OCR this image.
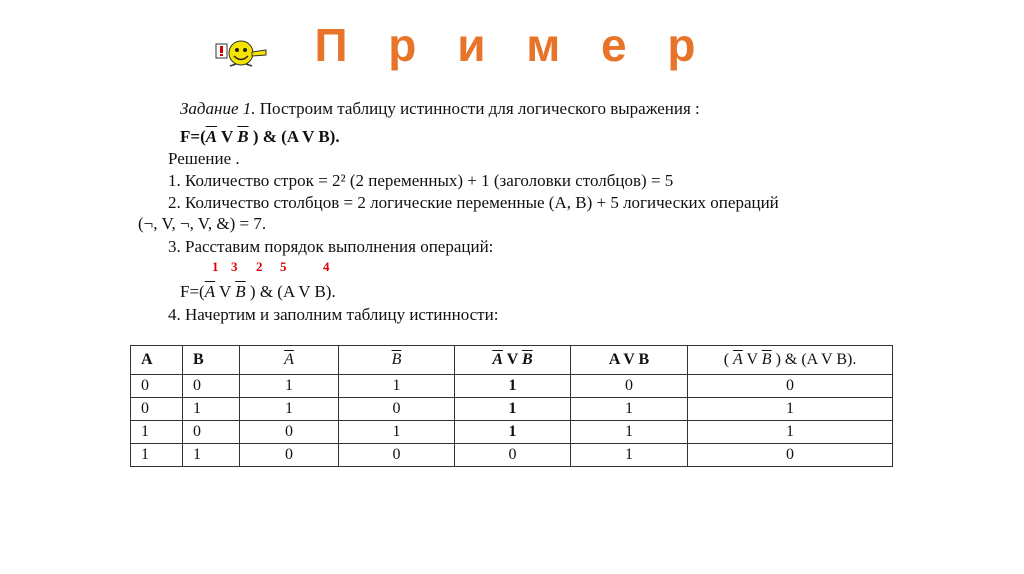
П р и м е р
Задание 1. Построим таблицу истинности для логического выражения :
$F=(\overline{A}$ V $\overline{B}$ ) & (A V B).
Решение .
1. Количество строк = 2² (2 переменных) + 1 (заголовки столбцов) = 5
2. Количество столбцов = 2 логические переменные (А, В) + 5 логических операций
(¬, V, ¬, V, &) = 7.
3. Расставим порядок выполнения операций:
1 3 2 5	4
$F=(\overline{A}$ V $\overline{B}$ ) & (A V B).
4. Начертим и заполним таблицу истинности:
A	B	$\overline{A}$	$\overline{B}$	$\overline{A}$ V $\overline{B}$	A V B	( $\overline{A}$ V $\overline{B}$ ) & (A V B).
0	0	1	1	1	0	0
0	1	1	0	1	1	1
1	0	0	1	1	1	1
1	1	0	0	0	1	0
